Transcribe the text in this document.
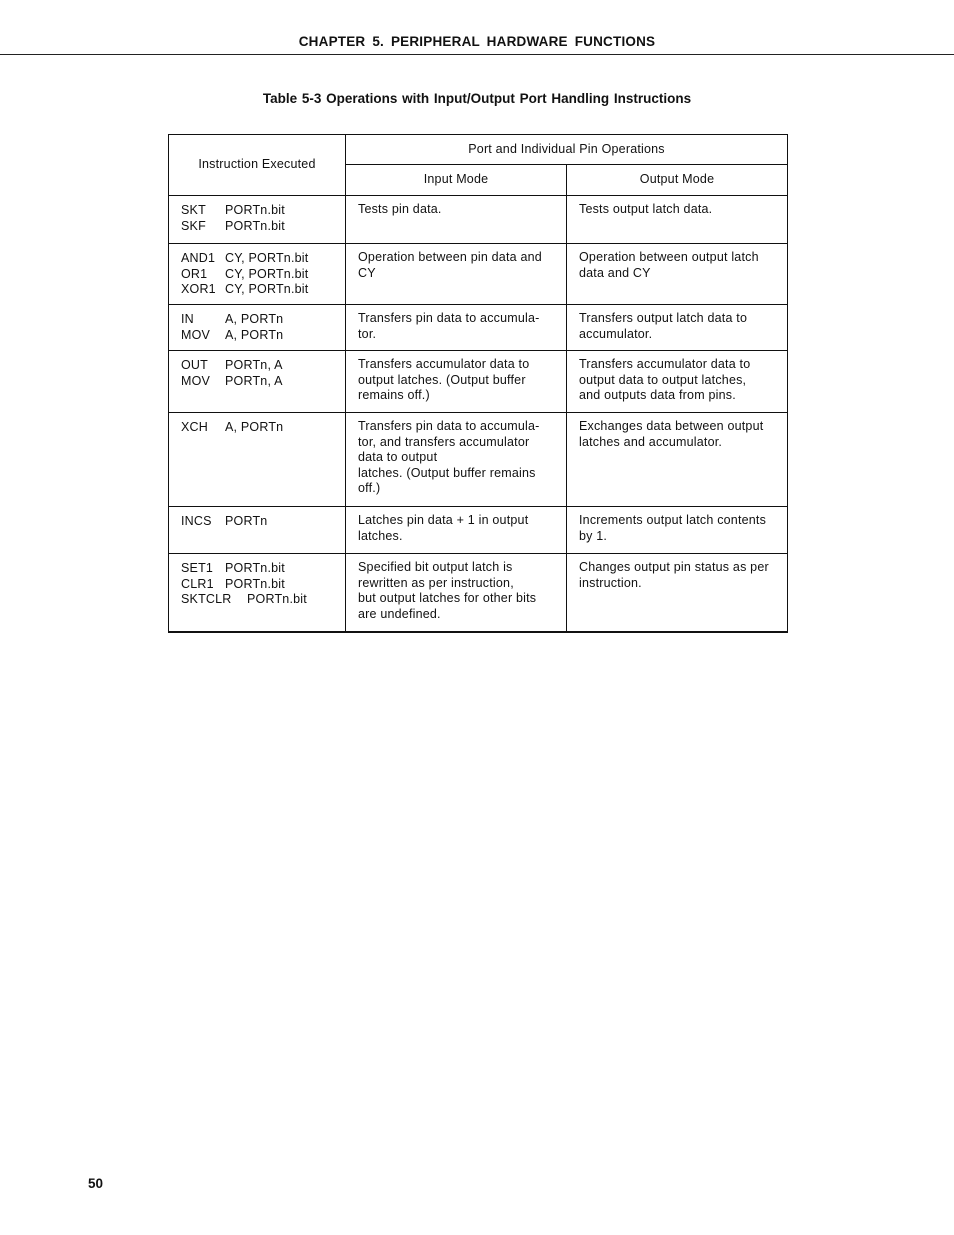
CHAPTER 5. PERIPHERAL HARDWARE FUNCTIONS
Table 5-3 Operations with Input/Output Port Handling Instructions
Instruction Executed	Port and Individual Pin Operations	
	Input Mode	Output Mode

SKT PORTn.bit
SKF PORTn.bit	Tests pin data.	Tests output latch data.

AND1 CY, PORTn.bit
OR1 CY, PORTn.bit
XOR1 CY, PORTn.bit	Operation between pin data and
CY	Operation between output latch
data and CY

IN A, PORTn
MOV A, PORTn	Transfers pin data to accumula-
tor.	Transfers output latch data to
accumulator.

OUT PORTn, A
MOV PORTn, A	Transfers accumulator data to
output latches. (Output buffer
remains off.)	Transfers accumulator data to
output data to output latches,
and outputs data from pins.

XCH A, PORTn	Transfers pin data to accumula-
tor, and transfers accumulator
data to output
latches. (Output buffer remains
off.)	Exchanges data between output
latches and accumulator.

INCS PORTn	Latches pin data + 1 in output
latches.	Increments output latch contents
by 1.

SET1 PORTn.bit
CLR1 PORTn.bit
SKTCLR PORTn.bit	Specified bit output latch is
rewritten as per instruction,
but output latches for other bits
are undefined.	Changes output pin status as per
instruction.
50
